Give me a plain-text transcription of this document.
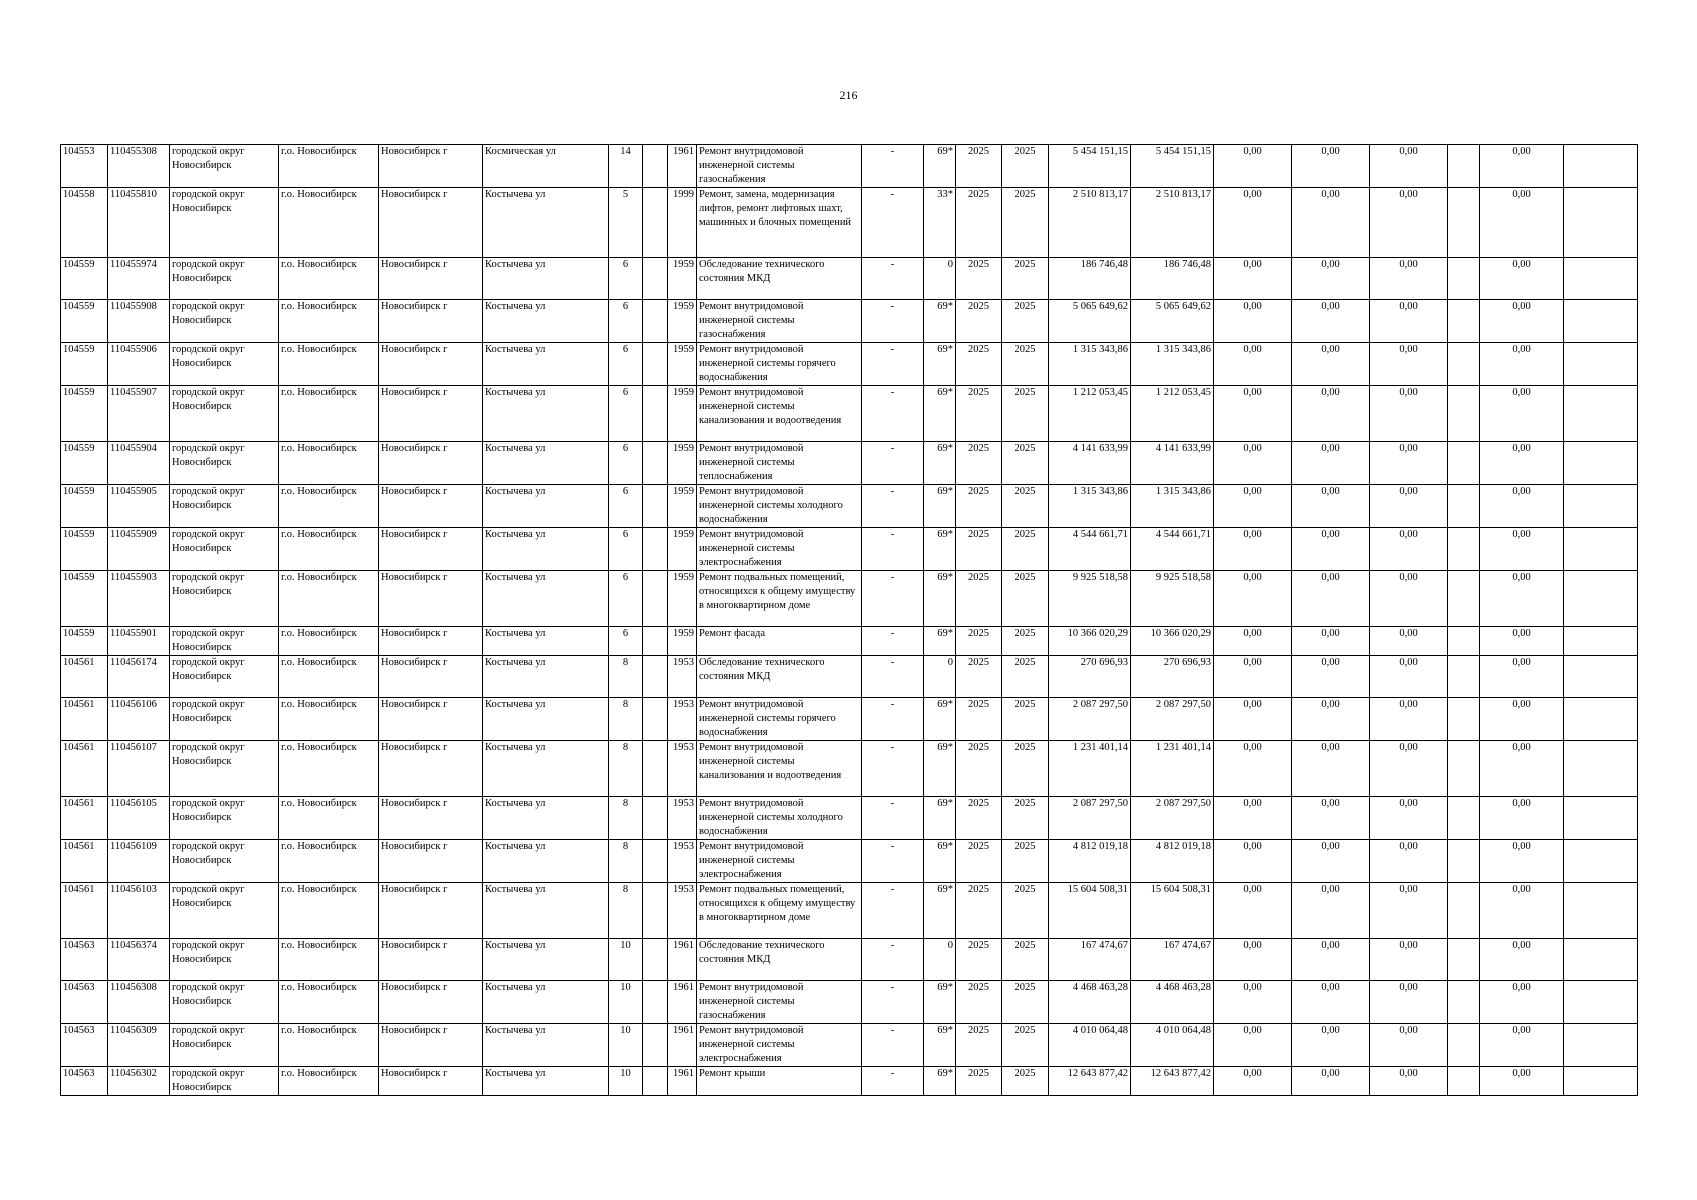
216
104553	110455308	городской округ Новосибирск	г.о. Новосибирск	Новосибирск г	Космическая ул	14		1961	Ремонт внутридомовой инженерной системы газоснабжения	-	69*	2025	2025	5 454 151,15	5 454 151,15	0,00	0,00	0,00		0,00	
104558	110455810	городской округ Новосибирск	г.о. Новосибирск	Новосибирск г	Костычева ул	5		1999	Ремонт, замена, модернизация лифтов, ремонт лифтовых шахт, машинных и блочных помещений	-	33*	2025	2025	2 510 813,17	2 510 813,17	0,00	0,00	0,00		0,00	
104559	110455974	городской округ Новосибирск	г.о. Новосибирск	Новосибирск г	Костычева ул	6		1959	Обследование технического состояния МКД	-	0	2025	2025	186 746,48	186 746,48	0,00	0,00	0,00		0,00	
104559	110455908	городской округ Новосибирск	г.о. Новосибирск	Новосибирск г	Костычева ул	6		1959	Ремонт внутридомовой инженерной системы газоснабжения	-	69*	2025	2025	5 065 649,62	5 065 649,62	0,00	0,00	0,00		0,00	
104559	110455906	городской округ Новосибирск	г.о. Новосибирск	Новосибирск г	Костычева ул	6		1959	Ремонт внутридомовой инженерной системы горячего водоснабжения	-	69*	2025	2025	1 315 343,86	1 315 343,86	0,00	0,00	0,00		0,00	
104559	110455907	городской округ Новосибирск	г.о. Новосибирск	Новосибирск г	Костычева ул	6		1959	Ремонт внутридомовой инженерной системы канализования и водоотведения	-	69*	2025	2025	1 212 053,45	1 212 053,45	0,00	0,00	0,00		0,00	
104559	110455904	городской округ Новосибирск	г.о. Новосибирск	Новосибирск г	Костычева ул	6		1959	Ремонт внутридомовой инженерной системы теплоснабжения	-	69*	2025	2025	4 141 633,99	4 141 633,99	0,00	0,00	0,00		0,00	
104559	110455905	городской округ Новосибирск	г.о. Новосибирск	Новосибирск г	Костычева ул	6		1959	Ремонт внутридомовой инженерной системы холодного водоснабжения	-	69*	2025	2025	1 315 343,86	1 315 343,86	0,00	0,00	0,00		0,00	
104559	110455909	городской округ Новосибирск	г.о. Новосибирск	Новосибирск г	Костычева ул	6		1959	Ремонт внутридомовой инженерной системы электроснабжения	-	69*	2025	2025	4 544 661,71	4 544 661,71	0,00	0,00	0,00		0,00	
104559	110455903	городской округ Новосибирск	г.о. Новосибирск	Новосибирск г	Костычева ул	6		1959	Ремонт подвальных помещений, относящихся к общему имуществу в многоквартирном доме	-	69*	2025	2025	9 925 518,58	9 925 518,58	0,00	0,00	0,00		0,00	
104559	110455901	городской округ Новосибирск	г.о. Новосибирск	Новосибирск г	Костычева ул	6		1959	Ремонт фасада	-	69*	2025	2025	10 366 020,29	10 366 020,29	0,00	0,00	0,00		0,00	
104561	110456174	городской округ Новосибирск	г.о. Новосибирск	Новосибирск г	Костычева ул	8		1953	Обследование технического состояния МКД	-	0	2025	2025	270 696,93	270 696,93	0,00	0,00	0,00		0,00	
104561	110456106	городской округ Новосибирск	г.о. Новосибирск	Новосибирск г	Костычева ул	8		1953	Ремонт внутридомовой инженерной системы горячего водоснабжения	-	69*	2025	2025	2 087 297,50	2 087 297,50	0,00	0,00	0,00		0,00	
104561	110456107	городской округ Новосибирск	г.о. Новосибирск	Новосибирск г	Костычева ул	8		1953	Ремонт внутридомовой инженерной системы канализования и водоотведения	-	69*	2025	2025	1 231 401,14	1 231 401,14	0,00	0,00	0,00		0,00	
104561	110456105	городской округ Новосибирск	г.о. Новосибирск	Новосибирск г	Костычева ул	8		1953	Ремонт внутридомовой инженерной системы холодного водоснабжения	-	69*	2025	2025	2 087 297,50	2 087 297,50	0,00	0,00	0,00		0,00	
104561	110456109	городской округ Новосибирск	г.о. Новосибирск	Новосибирск г	Костычева ул	8		1953	Ремонт внутридомовой инженерной системы электроснабжения	-	69*	2025	2025	4 812 019,18	4 812 019,18	0,00	0,00	0,00		0,00	
104561	110456103	городской округ Новосибирск	г.о. Новосибирск	Новосибирск г	Костычева ул	8		1953	Ремонт подвальных помещений, относящихся к общему имуществу в многоквартирном доме	-	69*	2025	2025	15 604 508,31	15 604 508,31	0,00	0,00	0,00		0,00	
104563	110456374	городской округ Новосибирск	г.о. Новосибирск	Новосибирск г	Костычева ул	10		1961	Обследование технического состояния МКД	-	0	2025	2025	167 474,67	167 474,67	0,00	0,00	0,00		0,00	
104563	110456308	городской округ Новосибирск	г.о. Новосибирск	Новосибирск г	Костычева ул	10		1961	Ремонт внутридомовой инженерной системы газоснабжения	-	69*	2025	2025	4 468 463,28	4 468 463,28	0,00	0,00	0,00		0,00	
104563	110456309	городской округ Новосибирск	г.о. Новосибирск	Новосибирск г	Костычева ул	10		1961	Ремонт внутридомовой инженерной системы электроснабжения	-	69*	2025	2025	4 010 064,48	4 010 064,48	0,00	0,00	0,00		0,00	
104563	110456302	городской округ Новосибирск	г.о. Новосибирск	Новосибирск г	Костычева ул	10		1961	Ремонт крыши	-	69*	2025	2025	12 643 877,42	12 643 877,42	0,00	0,00	0,00		0,00	
